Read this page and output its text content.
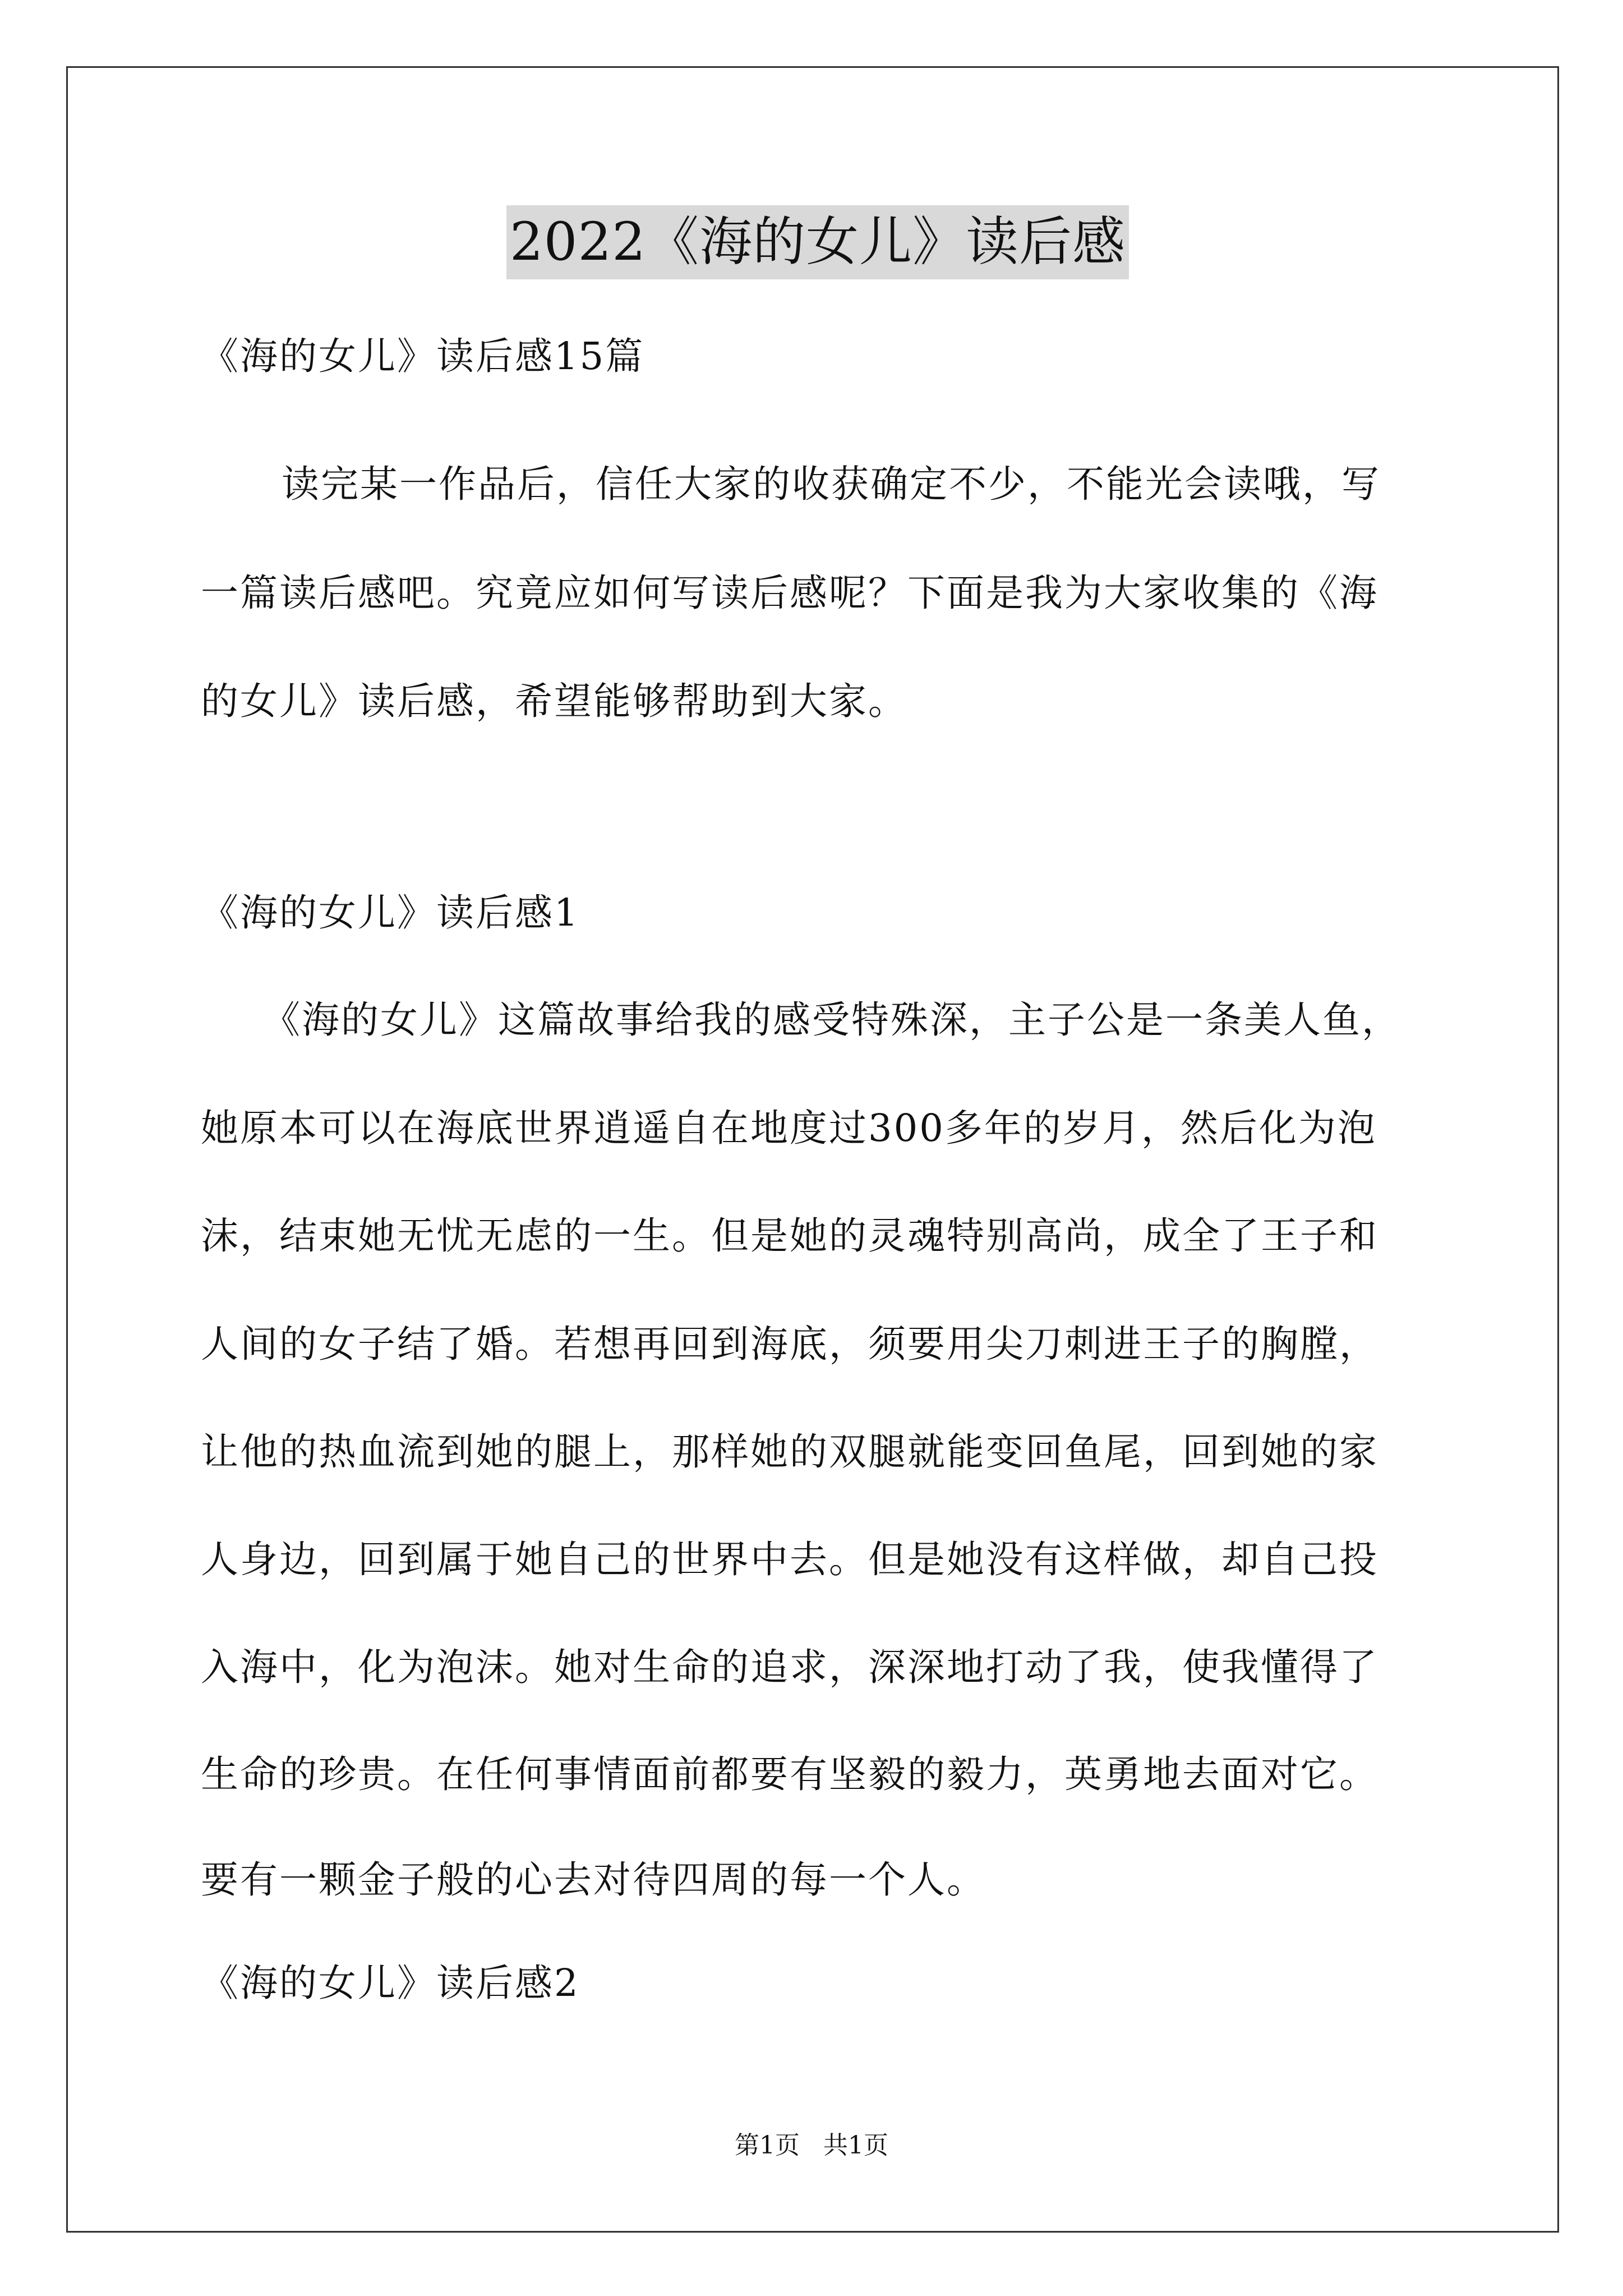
2022《海的女儿》读后感
《海的女儿》读后感15篇
读完某一作品后，信任大家的收获确定不少，不能光会读哦，写
一篇读后感吧。究竟应如何写读后感呢？下面是我为大家收集的《海
的女儿》读后感，希望能够帮助到大家。
《海的女儿》读后感1
《海的女儿》这篇故事给我的感受特殊深，主子公是一条美人鱼，
她原本可以在海底世界逍遥自在地度过300多年的岁月，然后化为泡
沫，结束她无忧无虑的一生。但是她的灵魂特别高尚，成全了王子和
人间的女子结了婚。若想再回到海底，须要用尖刀刺进王子的胸膛，
让他的热血流到她的腿上，那样她的双腿就能变回鱼尾，回到她的家
人身边，回到属于她自己的世界中去。但是她没有这样做，却自己投
入海中，化为泡沫。她对生命的追求，深深地打动了我，使我懂得了
生命的珍贵。在任何事情面前都要有坚毅的毅力，英勇地去面对它。
要有一颗金子般的心去对待四周的每一个人。
《海的女儿》读后感2
第1页   共1页
